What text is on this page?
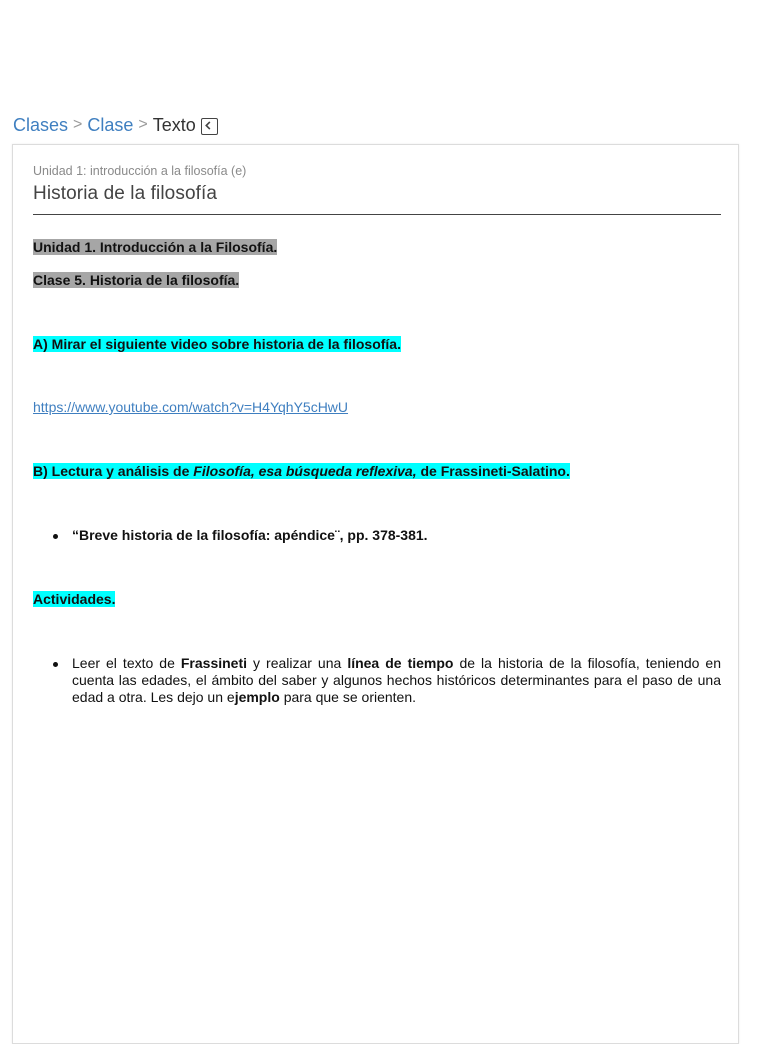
Clases > Clase > Texto
Unidad 1: introducción a la filosofía (e)
Historia de la filosofía
Unidad 1. Introducción a la Filosofía.
Clase 5. Historia de la filosofía.
A) Mirar el siguiente video sobre historia de la filosofía.
https://www.youtube.com/watch?v=H4YqhY5cHwU
B) Lectura y análisis de Filosofía, esa búsqueda reflexiva, de Frassineti-Salatino.
“Breve historia de la filosofía: apéndice¨, pp. 378-381.
Actividades.
Leer el texto de Frassineti y realizar una línea de tiempo de la historia de la filosofía, teniendo en cuenta las edades, el ámbito del saber y algunos hechos históricos determinantes para el paso de una edad a otra. Les dejo un ejemplo para que se orienten.
